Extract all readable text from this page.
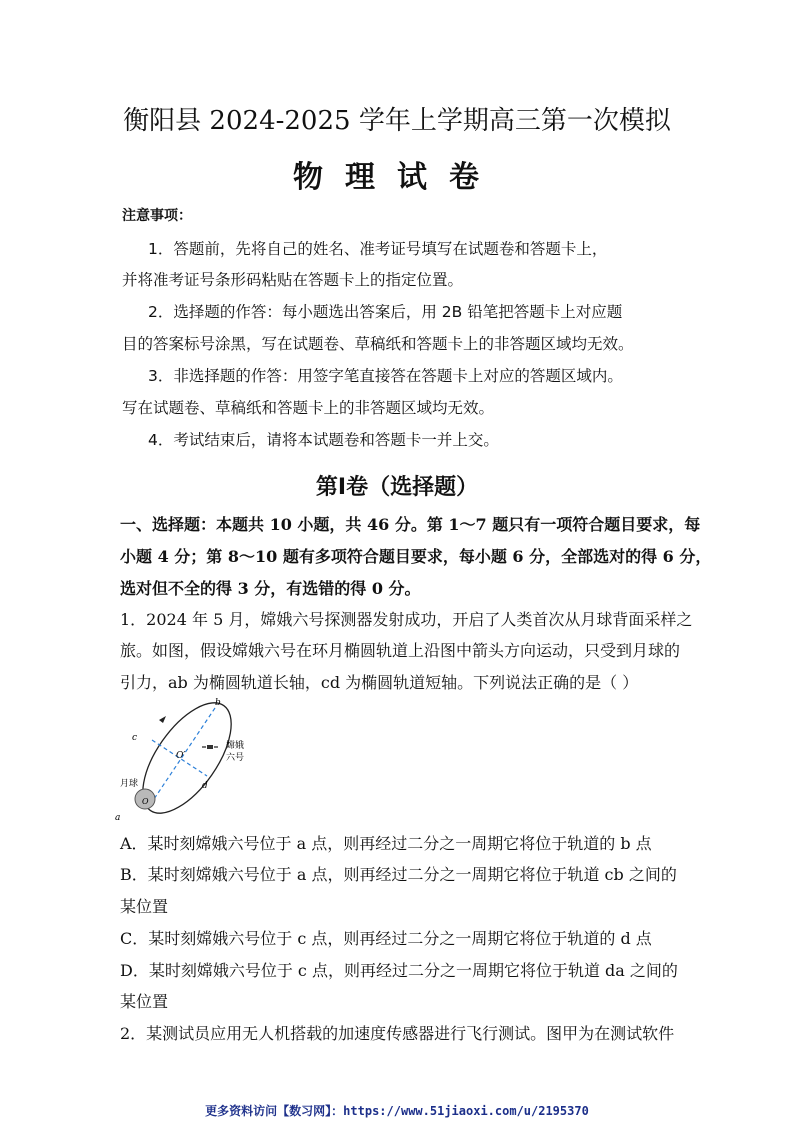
衡阳县 2024-2025 学年上学期高三第一次模拟
物理试卷
注意事项：
1．答题前，先将自己的姓名、准考证号填写在试题卷和答题卡上，
并将准考证号条形码粘贴在答题卡上的指定位置。
2．选择题的作答：每小题选出答案后，用 2B 铅笔把答题卡上对应题
目的答案标号涂黑，写在试题卷、草稿纸和答题卡上的非答题区域均无效。
3．非选择题的作答：用签字笔直接答在答题卡上对应的答题区域内。
写在试题卷、草稿纸和答题卡上的非答题区域均无效。
4．考试结束后，请将本试题卷和答题卡一并上交。
第Ⅰ卷（选择题）
一、选择题：本题共 10 小题，共 46 分。第 1～7 题只有一项符合题目要求，每
小题 4 分；第 8～10 题有多项符合题目要求，每小题 6 分，全部选对的得 6 分，
选对但不全的得 3 分，有选错的得 0 分。
1．2024 年 5 月，嫦娥六号探测器发射成功，开启了人类首次从月球背面采样之
旅。如图，假设嫦娥六号在环月椭圆轨道上沿图中箭头方向运动，只受到月球的
引力，ab 为椭圆轨道长轴，cd 为椭圆轨道短轴。下列说法正确的是（ ）
b
c
d
a
O′
O
月球
嫦娥
六号
A．某时刻嫦娥六号位于 a 点，则再经过二分之一周期它将位于轨道的 b 点
B．某时刻嫦娥六号位于 a 点，则再经过二分之一周期它将位于轨道 cb 之间的
某位置
C．某时刻嫦娥六号位于 c 点，则再经过二分之一周期它将位于轨道的 d 点
D．某时刻嫦娥六号位于 c 点，则再经过二分之一周期它将位于轨道 da 之间的
某位置
2．某测试员应用无人机搭载的加速度传感器进行飞行测试。图甲为在测试软件
更多资料访问【数习网】：https://www.51jiaoxi.com/u/2195370
